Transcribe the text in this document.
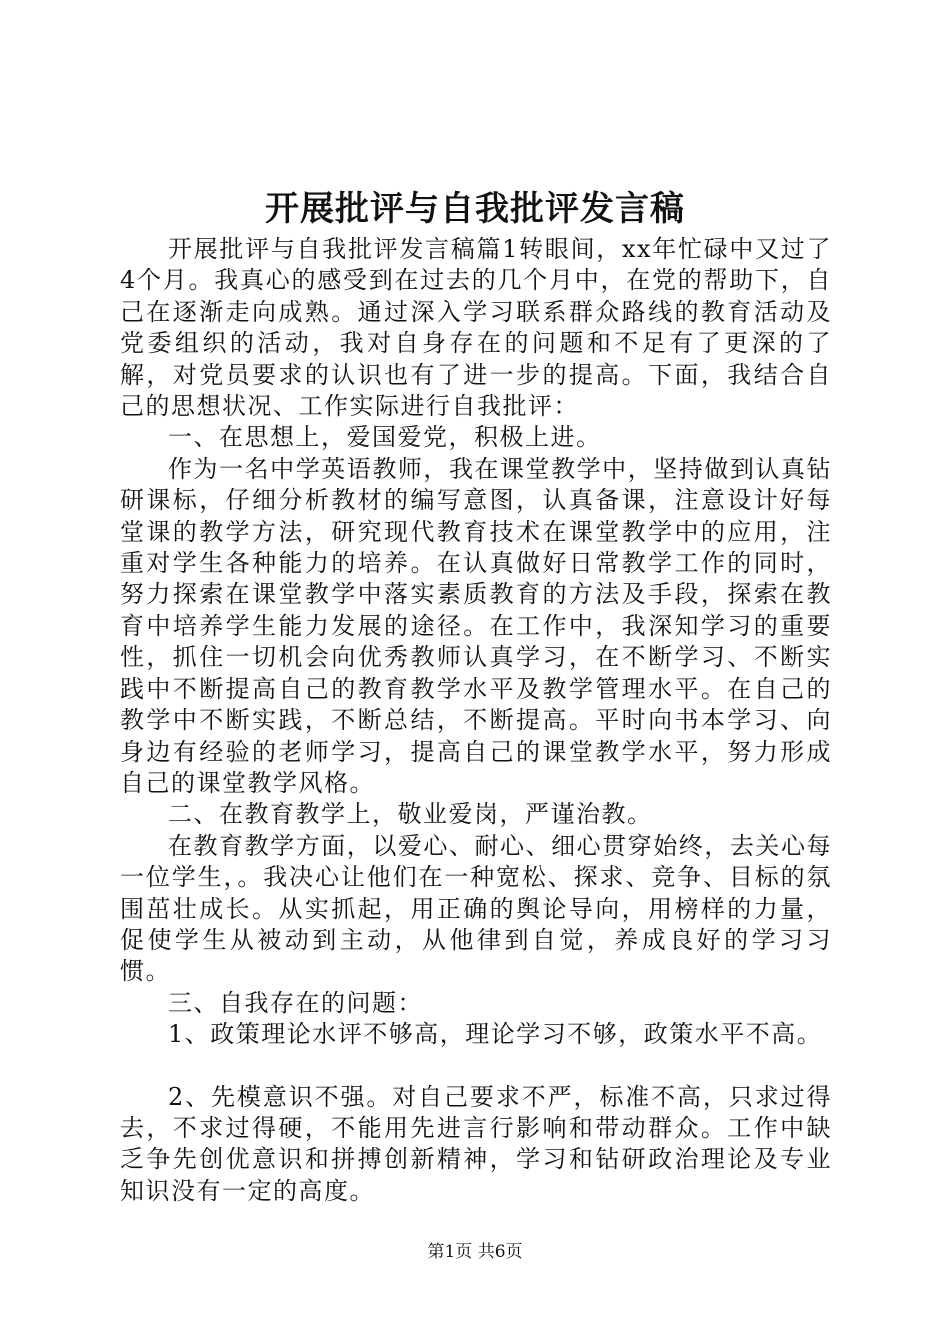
开展批评与自我批评发言稿

开展批评与自我批评发言稿篇1转眼间，xx年忙碌中又过了4个月。我真心的感受到在过去的几个月中，在党的帮助下，自己在逐渐走向成熟。通过深入学习联系群众路线的教育活动及党委组织的活动，我对自身存在的问题和不足有了更深的了解，对党员要求的认识也有了进一步的提高。下面，我结合自己的思想状况、工作实际进行自我批评：

一、在思想上，爱国爱党，积极上进。

作为一名中学英语教师，我在课堂教学中，坚持做到认真钻研课标，仔细分析教材的编写意图，认真备课，注意设计好每堂课的教学方法，研究现代教育技术在课堂教学中的应用，注重对学生各种能力的培养。在认真做好日常教学工作的同时，努力探索在课堂教学中落实素质教育的方法及手段，探索在教育中培养学生能力发展的途径。在工作中，我深知学习的重要性，抓住一切机会向优秀教师认真学习，在不断学习、不断实践中不断提高自己的教育教学水平及教学管理水平。在自己的教学中不断实践，不断总结，不断提高。平时向书本学习、向身边有经验的老师学习，提高自己的课堂教学水平，努力形成自己的课堂教学风格。

二、在教育教学上，敬业爱岗，严谨治教。

在教育教学方面，以爱心、耐心、细心贯穿始终，去关心每一位学生，。我决心让他们在一种宽松、探求、竞争、目标的氛围茁壮成长。从实抓起，用正确的舆论导向，用榜样的力量，促使学生从被动到主动，从他律到自觉，养成良好的学习习惯。

三、自我存在的问题：

1、政策理论水评不够高，理论学习不够，政策水平不高。

2、先模意识不强。对自己要求不严，标准不高，只求过得去，不求过得硬，不能用先进言行影响和带动群众。工作中缺乏争先创优意识和拼搏创新精神，学习和钻研政治理论及专业知识没有一定的高度。

第1页 共6页
